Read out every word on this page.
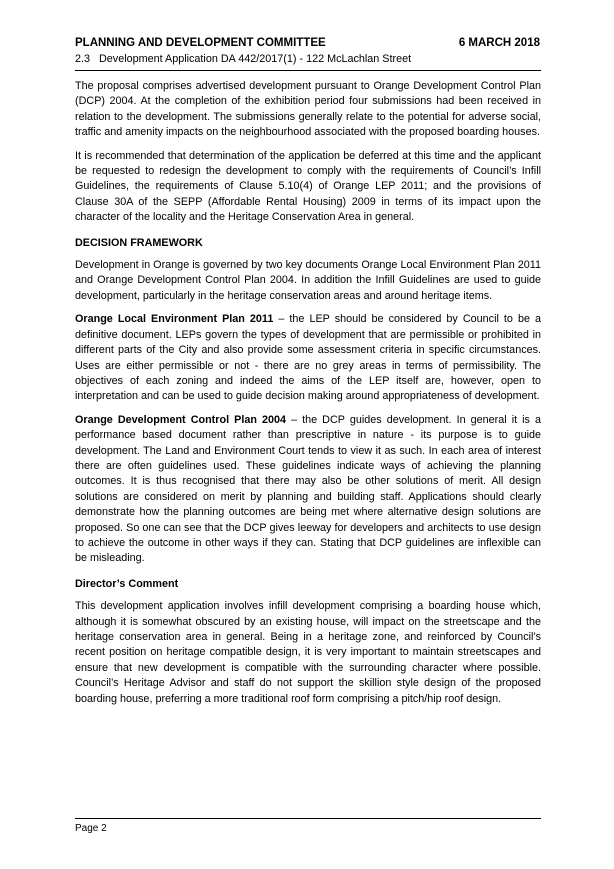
PLANNING AND DEVELOPMENT COMMITTEE	6 MARCH 2018
2.3 Development Application DA 442/2017(1) - 122 McLachlan Street

The proposal comprises advertised development pursuant to Orange Development Control Plan (DCP) 2004. At the completion of the exhibition period four submissions had been received in relation to the development. The submissions generally relate to the potential for adverse social, traffic and amenity impacts on the neighbourhood associated with the proposed boarding houses.

It is recommended that determination of the application be deferred at this time and the applicant be requested to redesign the development to comply with the requirements of Council’s Infill Guidelines, the requirements of Clause 5.10(4) of Orange LEP 2011; and the provisions of Clause 30A of the SEPP (Affordable Rental Housing) 2009 in terms of its impact upon the character of the locality and the Heritage Conservation Area in general.

DECISION FRAMEWORK

Development in Orange is governed by two key documents Orange Local Environment Plan 2011 and Orange Development Control Plan 2004. In addition the Infill Guidelines are used to guide development, particularly in the heritage conservation areas and around heritage items.

Orange Local Environment Plan 2011 – the LEP should be considered by Council to be a definitive document. LEPs govern the types of development that are permissible or prohibited in different parts of the City and also provide some assessment criteria in specific circumstances. Uses are either permissible or not - there are no grey areas in terms of permissibility. The objectives of each zoning and indeed the aims of the LEP itself are, however, open to interpretation and can be used to guide decision making around appropriateness of development.

Orange Development Control Plan 2004 – the DCP guides development. In general it is a performance based document rather than prescriptive in nature - its purpose is to guide development. The Land and Environment Court tends to view it as such. In each area of interest there are often guidelines used. These guidelines indicate ways of achieving the planning outcomes. It is thus recognised that there may also be other solutions of merit. All design solutions are considered on merit by planning and building staff. Applications should clearly demonstrate how the planning outcomes are being met where alternative design solutions are proposed. So one can see that the DCP gives leeway for developers and architects to use design to achieve the outcome in other ways if they can. Stating that DCP guidelines are inflexible can be misleading.

Director’s Comment

This development application involves infill development comprising a boarding house which, although it is somewhat obscured by an existing house, will impact on the streetscape and the heritage conservation area in general. Being in a heritage zone, and reinforced by Council’s recent position on heritage compatible design, it is very important to maintain streetscapes and ensure that new development is compatible with the surrounding character where possible. Council’s Heritage Advisor and staff do not support the skillion style design of the proposed boarding house, preferring a more traditional roof form comprising a pitch/hip roof design.

Page 2
